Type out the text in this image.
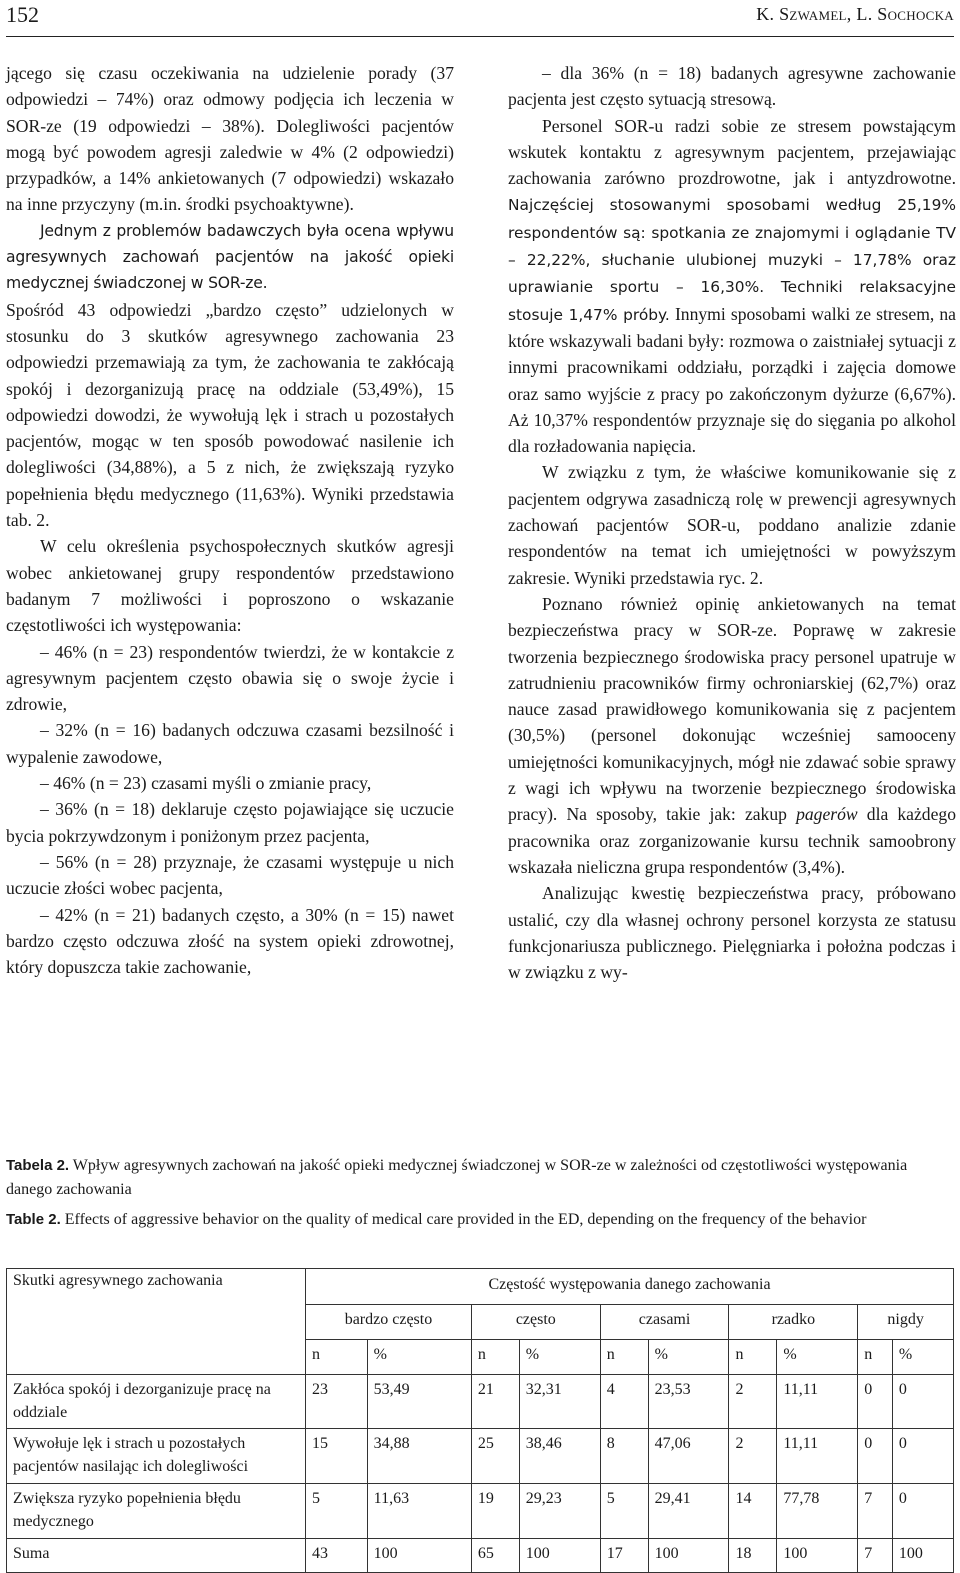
152	K. Szwamel, L. Sochocka

jącego się czasu oczekiwania na udzielenie porady (37 odpowiedzi – 74%) oraz odmowy podjęcia ich leczenia w SOR-ze (19 odpowiedzi – 38%). Dolegliwości pacjentów mogą być powodem agresji zaledwie w 4% (2 odpowiedzi) przypadków, a 14% ankietowanych (7 odpowiedzi) wskazało na inne przyczyny (m.in. środki psychoaktywne).

Jednym z problemów badawczych była ocena wpływu agresywnych zachowań pacjentów na jakość opieki medycznej świadczonej w SOR-ze.

Spośród 43 odpowiedzi „bardzo często” udzielonych w stosunku do 3 skutków agresywnego zachowania 23 odpowiedzi przemawiają za tym, że zachowania te zakłócają spokój i dezorganizują pracę na oddziale (53,49%), 15 odpowiedzi dowodzi, że wywołują lęk i strach u pozostałych pacjentów, mogąc w ten sposób powodować nasilenie ich dolegliwości (34,88%), a 5 z nich, że zwiększają ryzyko popełnienia błędu medycznego (11,63%). Wyniki przedstawia tab. 2.

W celu określenia psychospołecznych skutków agresji wobec ankietowanej grupy respondentów przedstawiono badanym 7 możliwości i poproszono o wskazanie częstotliwości ich występowania:

– 46% (n = 23) respondentów twierdzi, że w kontakcie z agresywnym pacjentem często obawia się o swoje życie i zdrowie,

– 32% (n = 16) badanych odczuwa czasami bezsilność i wypalenie zawodowe,

– 46% (n = 23) czasami myśli o zmianie pracy,

– 36% (n = 18) deklaruje często pojawiające się uczucie bycia pokrzywdzonym i poniżonym przez pacjenta,

– 56% (n = 28) przyznaje, że czasami występuje u nich uczucie złości wobec pacjenta,

– 42% (n = 21) badanych często, a 30% (n = 15) nawet bardzo często odczuwa złość na system opieki zdrowotnej, który dopuszcza takie zachowanie,

– dla 36% (n = 18) badanych agresywne zachowanie pacjenta jest często sytuacją stresową.

Personel SOR-u radzi sobie ze stresem powstającym wskutek kontaktu z agresywnym pacjentem, przejawiając zachowania zarówno prozdrowotne, jak i antyzdrowotne. Najczęściej stosowanymi sposobami według 25,19% respondentów są: spotkania ze znajomymi i oglądanie TV – 22,22%, słuchanie ulubionej muzyki – 17,78% oraz uprawianie sportu – 16,30%. Techniki relaksacyjne stosuje 1,47% próby. Innymi sposobami walki ze stresem, na które wskazywali badani były: rozmowa o zaistniałej sytuacji z innymi pracownikami oddziału, porządki i zajęcia domowe oraz samo wyjście z pracy po zakończonym dyżurze (6,67%). Aż 10,37% respondentów przyznaje się do sięgania po alkohol dla rozładowania napięcia.

W związku z tym, że właściwe komunikowanie się z pacjentem odgrywa zasadniczą rolę w prewencji agresywnych zachowań pacjentów SOR-u, poddano analizie zdanie respondentów na temat ich umiejętności w powyższym zakresie. Wyniki przedstawia ryc. 2.

Poznano również opinię ankietowanych na temat bezpieczeństwa pracy w SOR-ze. Poprawę w zakresie tworzenia bezpiecznego środowiska pracy personel upatruje w zatrudnieniu pracowników firmy ochroniarskiej (62,7%) oraz nauce zasad prawidłowego komunikowania się z pacjentem (30,5%) (personel dokonując wcześniej samooceny umiejętności komunikacyjnych, mógł nie zdawać sobie sprawy z wagi ich wpływu na tworzenie bezpiecznego środowiska pracy). Na sposoby, takie jak: zakup pagerów dla każdego pracownika oraz zorganizowanie kursu technik samoobrony wskazała nieliczna grupa respondentów (3,4%).

Analizując kwestię bezpieczeństwa pracy, próbowano ustalić, czy dla własnej ochrony personel korzysta ze statusu funkcjonariusza publicznego. Pielęgniarka i położna podczas i w związku z wy-

Tabela 2. Wpływ agresywnych zachowań na jakość opieki medycznej świadczonej w SOR-ze w zależności od częstotliwości występowania danego zachowania
Table 2. Effects of aggressive behavior on the quality of medical care provided in the ED, depending on the frequency of the behavior
Skutki agresywnego zachowania	Częstość występowania danego zachowania									
	bardzo często		często		czasami		rzadko		nigdy	
	n	%	n	%	n	%	n	%	n	%
Zakłóca spokój i dezorganizuje pracę na oddziale	23	53,49	21	32,31	4	23,53	2	11,11	0	0
Wywołuje lęk i strach u pozostałych pacjentów nasilając ich dolegliwości	15	34,88	25	38,46	8	47,06	2	11,11	0	0
Zwiększa ryzyko popełnienia błędu medycznego	5	11,63	19	29,23	5	29,41	14	77,78	7	0
Suma	43	100	65	100	17	100	18	100	7	100
